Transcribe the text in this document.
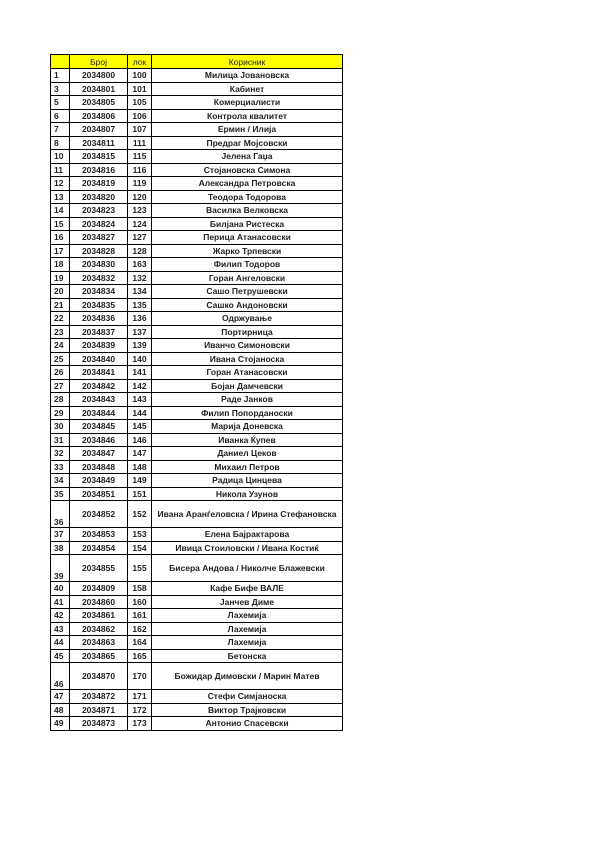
	Број	лок	Корисник
1	2034800	100	Милица Јовановска
3	2034801	101	Кабинет
5	2034805	105	Комерциалисти
6	2034806	106	Контрола квалитет
7	2034807	107	Ермин / Илија
8	2034811	111	Предраг Мојсовски
10	2034815	115	Јелена Гаџа
11	2034816	116	Стојановска Симона
12	2034819	119	Александра Петровска
13	2034820	120	Теодора Тодорова
14	2034823	123	Василка Велковска
15	2034824	124	Билјана Ристеска
16	2034827	127	Перица Атанасовски
17	2034828	128	Жарко Трпевски
18	2034830	163	Филип Тодоров
19	2034832	132	Горан Ангеловски
20	2034834	134	Сашо Петрушевски
21	2034835	135	Сашко Андоновски
22	2034836	136	Одржување
23	2034837	137	Портирница
24	2034839	139	Иванчо Симоновски
25	2034840	140	Ивана Стојаноска
26	2034841	141	Горан Атанасовски
27	2034842	142	Бојан Дамчевски
28	2034843	143	Раде Јанков
29	2034844	144	Филип Попорданоски
30	2034845	145	Марија Доневска
31	2034846	146	Иванка Ќупев
32	2034847	147	Даниел Цеков
33	2034848	148	Михаил Петров
34	2034849	149	Радица Цинцева
35	2034851	151	Никола Узунов
36	2034852	152	Ивана Аранѓеловска / Ирина Стефановска
37	2034853	153	Елена Бајрактарова
38	2034854	154	Ивица Стоиловски / Ивана Костиќ
39	2034855	155	Бисера Андова / Николче Блажевски
40	2034809	158	Кафе Бифе ВАЛЕ
41	2034860	160	Јанчев Диме
42	2034861	161	Лахемија
43	2034862	162	Лахемија
44	2034863	164	Лахемија
45	2034865	165	Бетонска
46	2034870	170	Божидар Димовски / Марин Матев
47	2034872	171	Стефи Симјаноска
48	2034871	172	Виктор Трајковски
49	2034873	173	Антонио Спасевски
